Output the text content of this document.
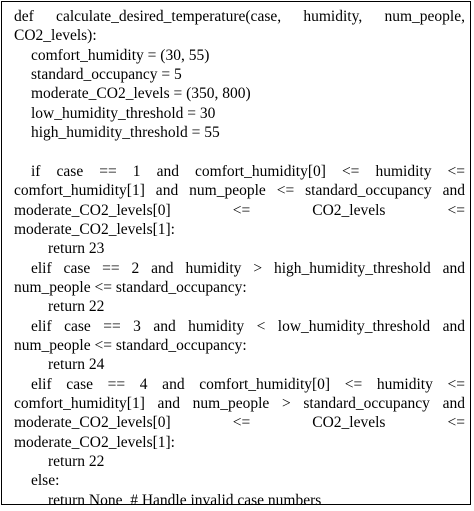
def calculate_desired_temperature(case, humidity, num_people,
CO2_levels):
comfort_humidity = (30, 55)
standard_occupancy = 5
moderate_CO2_levels = (350, 800)
low_humidity_threshold = 30
high_humidity_threshold = 55
if case == 1 and comfort_humidity[0] <= humidity <=
comfort_humidity[1] and num_people <= standard_occupancy and
moderate_CO2_levels[0] <= CO2_levels <=
moderate_CO2_levels[1]:
return 23
elif case == 2 and humidity > high_humidity_threshold and
num_people <= standard_occupancy:
return 22
elif case == 3 and humidity < low_humidity_threshold and
num_people <= standard_occupancy:
return 24
elif case == 4 and comfort_humidity[0] <= humidity <=
comfort_humidity[1] and num_people > standard_occupancy and
moderate_CO2_levels[0] <= CO2_levels <=
moderate_CO2_levels[1]:
return 22
else:
return None  # Handle invalid case numbers
